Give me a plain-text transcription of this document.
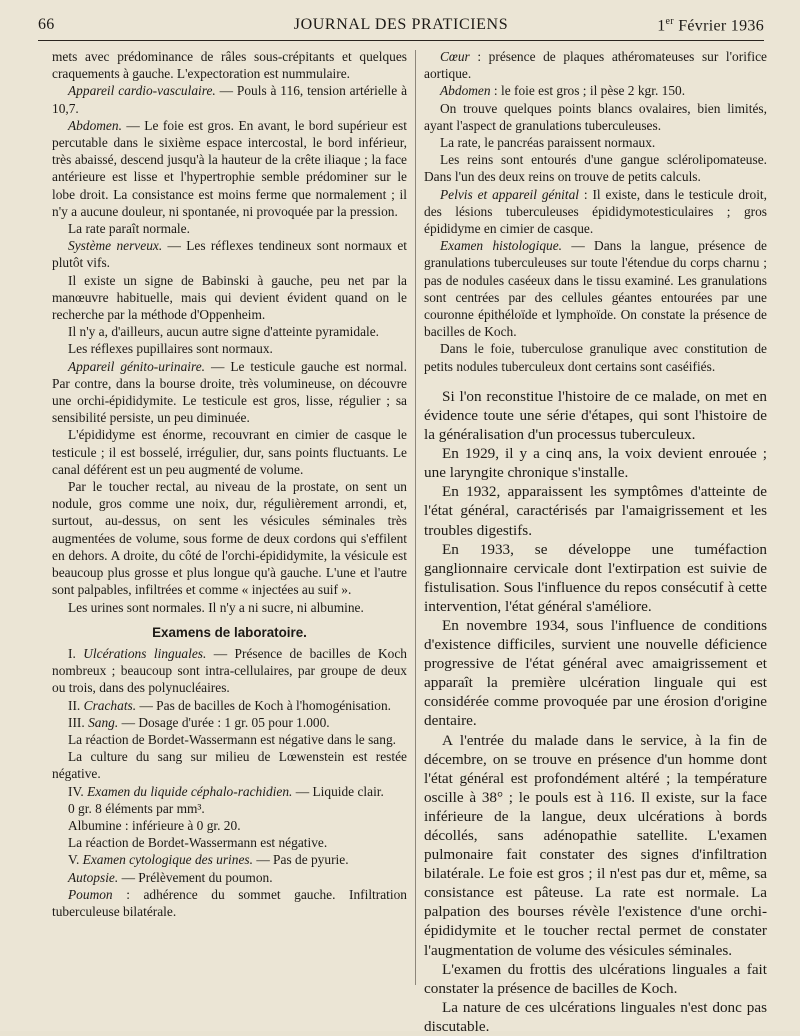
66	JOURNAL DES PRATICIENS	1er Février 1936

mets avec prédominance de râles sous-crépitants et quelques craquements à gauche. L'expectoration est nummulaire.

Appareil cardio-vasculaire. — Pouls à 116, tension artérielle à 10,7.

Abdomen. — Le foie est gros. En avant, le bord supérieur est percutable dans le sixième espace intercostal, le bord inférieur, très abaissé, descend jusqu'à la hauteur de la crête iliaque ; la face antérieure est lisse et l'hypertrophie semble prédominer sur le lobe droit. La consistance est moins ferme que normalement ; il n'y a aucune douleur, ni spontanée, ni provoquée par la pression.

La rate paraît normale.

Système nerveux. — Les réflexes tendineux sont normaux et plutôt vifs.

Il existe un signe de Babinski à gauche, peu net par la manœuvre habituelle, mais qui devient évident quand on le recherche par la méthode d'Oppenheim.

Il n'y a, d'ailleurs, aucun autre signe d'atteinte pyramidale.

Les réflexes pupillaires sont normaux.

Appareil génito-urinaire. — Le testicule gauche est normal. Par contre, dans la bourse droite, très volumineuse, on découvre une orchi-épididymite. Le testicule est gros, lisse, régulier ; sa sensibilité persiste, un peu diminuée.

L'épididyme est énorme, recouvrant en cimier de casque le testicule ; il est bosselé, irrégulier, dur, sans points fluctuants. Le canal déférent est un peu augmenté de volume.

Par le toucher rectal, au niveau de la prostate, on sent un nodule, gros comme une noix, dur, régulièrement arrondi, et, surtout, au-dessus, on sent les vésicules séminales très augmentées de volume, sous forme de deux cordons qui s'effilent en dehors. A droite, du côté de l'orchi-épididymite, la vésicule est beaucoup plus grosse et plus longue qu'à gauche. L'une et l'autre sont palpables, infiltrées et comme « injectées au suif ».

Les urines sont normales. Il n'y a ni sucre, ni albumine.

Examens de laboratoire.

I. Ulcérations linguales. — Présence de bacilles de Koch nombreux ; beaucoup sont intra-cellulaires, par groupe de deux ou trois, dans des polynucléaires.

II. Crachats. — Pas de bacilles de Koch à l'homogénisation.

III. Sang. — Dosage d'urée : 1 gr. 05 pour 1.000.

La réaction de Bordet-Wassermann est négative dans le sang.

La culture du sang sur milieu de Lœwenstein est restée négative.

IV. Examen du liquide céphalo-rachidien. — Liquide clair.

0 gr. 8 éléments par mm³.

Albumine : inférieure à 0 gr. 20.

La réaction de Bordet-Wassermann est négative.

V. Examen cytologique des urines. — Pas de pyurie.

Autopsie. — Prélèvement du poumon.

Poumon : adhérence du sommet gauche. Infiltration tuberculeuse bilatérale.

Cœur : présence de plaques athéromateuses sur l'orifice aortique.

Abdomen : le foie est gros ; il pèse 2 kgr. 150.

On trouve quelques points blancs ovalaires, bien limités, ayant l'aspect de granulations tuberculeuses.

La rate, le pancréas paraissent normaux.

Les reins sont entourés d'une gangue sclérolipomateuse. Dans l'un des deux reins on trouve de petits calculs.

Pelvis et appareil génital : Il existe, dans le testicule droit, des lésions tuberculeuses épididymotesticulaires ; gros épididyme en cimier de casque.

Examen histologique. — Dans la langue, présence de granulations tuberculeuses sur toute l'étendue du corps charnu ; pas de nodules caséeux dans le tissu examiné. Les granulations sont centrées par des cellules géantes entourées par une couronne épithéloïde et lymphoïde. On constate la présence de bacilles de Koch.

Dans le foie, tuberculose granulique avec constitution de petits nodules tuberculeux dont certains sont caséifiés.

Si l'on reconstitue l'histoire de ce malade, on met en évidence toute une série d'étapes, qui sont l'histoire de la généralisation d'un processus tuberculeux.

En 1929, il y a cinq ans, la voix devient enrouée ; une laryngite chronique s'installe.

En 1932, apparaissent les symptômes d'atteinte de l'état général, caractérisés par l'amaigrissement et les troubles digestifs.

En 1933, se développe une tuméfaction ganglionnaire cervicale dont l'extirpation est suivie de fistulisation. Sous l'influence du repos consécutif à cette intervention, l'état général s'améliore.

En novembre 1934, sous l'influence de conditions d'existence difficiles, survient une nouvelle déficience progressive de l'état général avec amaigrissement et apparaît la première ulcération linguale qui est considérée comme provoquée par une érosion d'origine dentaire.

A l'entrée du malade dans le service, à la fin de décembre, on se trouve en présence d'un homme dont l'état général est profondément altéré ; la température oscille à 38° ; le pouls est à 116. Il existe, sur la face inférieure de la langue, deux ulcérations à bords décollés, sans adénopathie satellite. L'examen pulmonaire fait constater des signes d'infiltration bilatérale. Le foie est gros ; il n'est pas dur et, même, sa consistance est pâteuse. La rate est normale. La palpation des bourses révèle l'existence d'une orchi-épididymite et le toucher rectal permet de constater l'augmentation de volume des vésicules séminales.

L'examen du frottis des ulcérations linguales a fait constater la présence de bacilles de Koch.

La nature de ces ulcérations linguales n'est donc pas discutable.
